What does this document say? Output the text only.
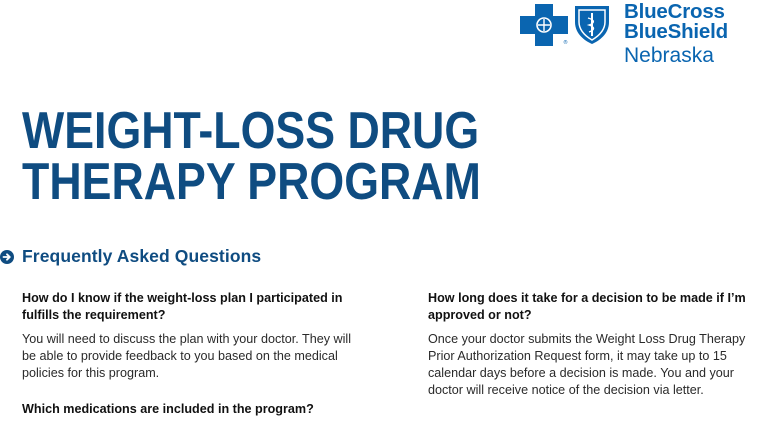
®
BlueCross
BlueShield
Nebraska
WEIGHT-LOSS DRUG
THERAPY PROGRAM
Frequently Asked Questions

How do I know if the weight-loss plan I participated in fulfills the requirement?

You will need to discuss the plan with your doctor. They will be able to provide feedback to you based on the medical policies for this program.

Which medications are included in the program?

How long does it take for a decision to be made if I’m approved or not?

Once your doctor submits the Weight Loss Drug Therapy Prior Authorization Request form, it may take up to 15 calendar days before a decision is made. You and your doctor will receive notice of the decision via letter.
